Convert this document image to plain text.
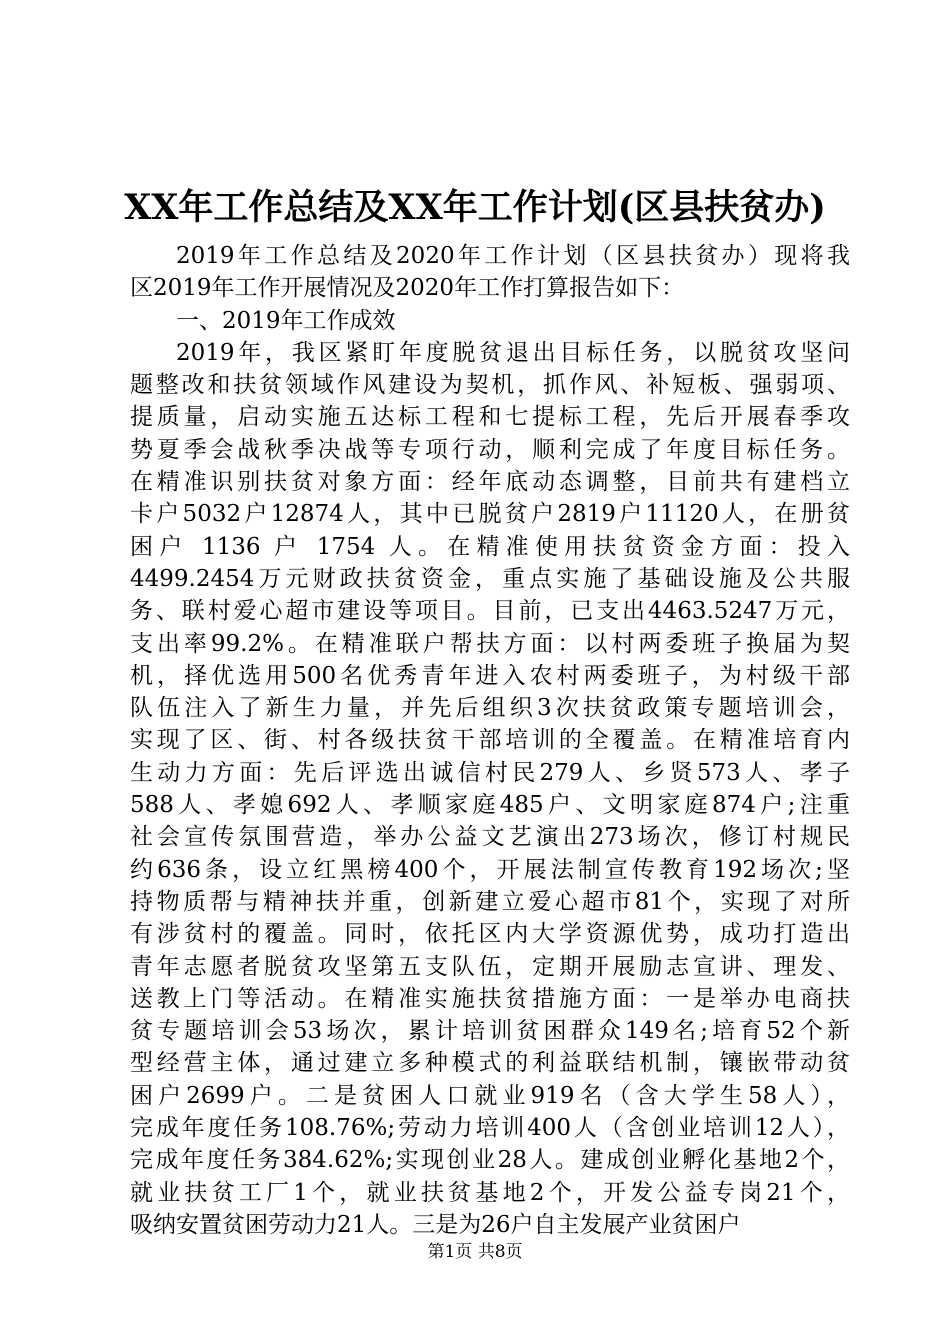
XX年工作总结及XX年工作计划(区县扶贫办)
2019年工作总结及2020年工作计划（区县扶贫办）现将我
区2019年工作开展情况及2020年工作打算报告如下：
一、2019年工作成效
2019年，我区紧盯年度脱贫退出目标任务，以脱贫攻坚问
题整改和扶贫领域作风建设为契机，抓作风、补短板、强弱项、
提质量，启动实施五达标工程和七提标工程，先后开展春季攻
势夏季会战秋季决战等专项行动，顺利完成了年度目标任务。
在精准识别扶贫对象方面：经年底动态调整，目前共有建档立
卡户5032户12874人，其中已脱贫户2819户11120人，在册贫
困户 1136 户 1754 人。在精准使用扶贫资金方面：投入
4499.2454万元财政扶贫资金，重点实施了基础设施及公共服
务、联村爱心超市建设等项目。目前，已支出4463.5247万元，
支出率99.2%。在精准联户帮扶方面：以村两委班子换届为契
机，择优选用500名优秀青年进入农村两委班子，为村级干部
队伍注入了新生力量，并先后组织3次扶贫政策专题培训会，
实现了区、街、村各级扶贫干部培训的全覆盖。在精准培育内
生动力方面：先后评选出诚信村民279人、乡贤573人、孝子
588人、孝媳692人、孝顺家庭485户、文明家庭874户;注重
社会宣传氛围营造，举办公益文艺演出273场次，修订村规民
约636条，设立红黑榜400个，开展法制宣传教育192场次;坚
持物质帮与精神扶并重，创新建立爱心超市81个，实现了对所
有涉贫村的覆盖。同时，依托区内大学资源优势，成功打造出
青年志愿者脱贫攻坚第五支队伍，定期开展励志宣讲、理发、
送教上门等活动。在精准实施扶贫措施方面：一是举办电商扶
贫专题培训会53场次，累计培训贫困群众149名;培育52个新
型经营主体，通过建立多种模式的利益联结机制，镶嵌带动贫
困户2699户。二是贫困人口就业919名（含大学生58人），
完成年度任务108.76%;劳动力培训400人（含创业培训12人），
完成年度任务384.62%;实现创业28人。建成创业孵化基地2个，
就业扶贫工厂1个，就业扶贫基地2个，开发公益专岗21个，
吸纳安置贫困劳动力21人。三是为26户自主发展产业贫困户
第1页 共8页
